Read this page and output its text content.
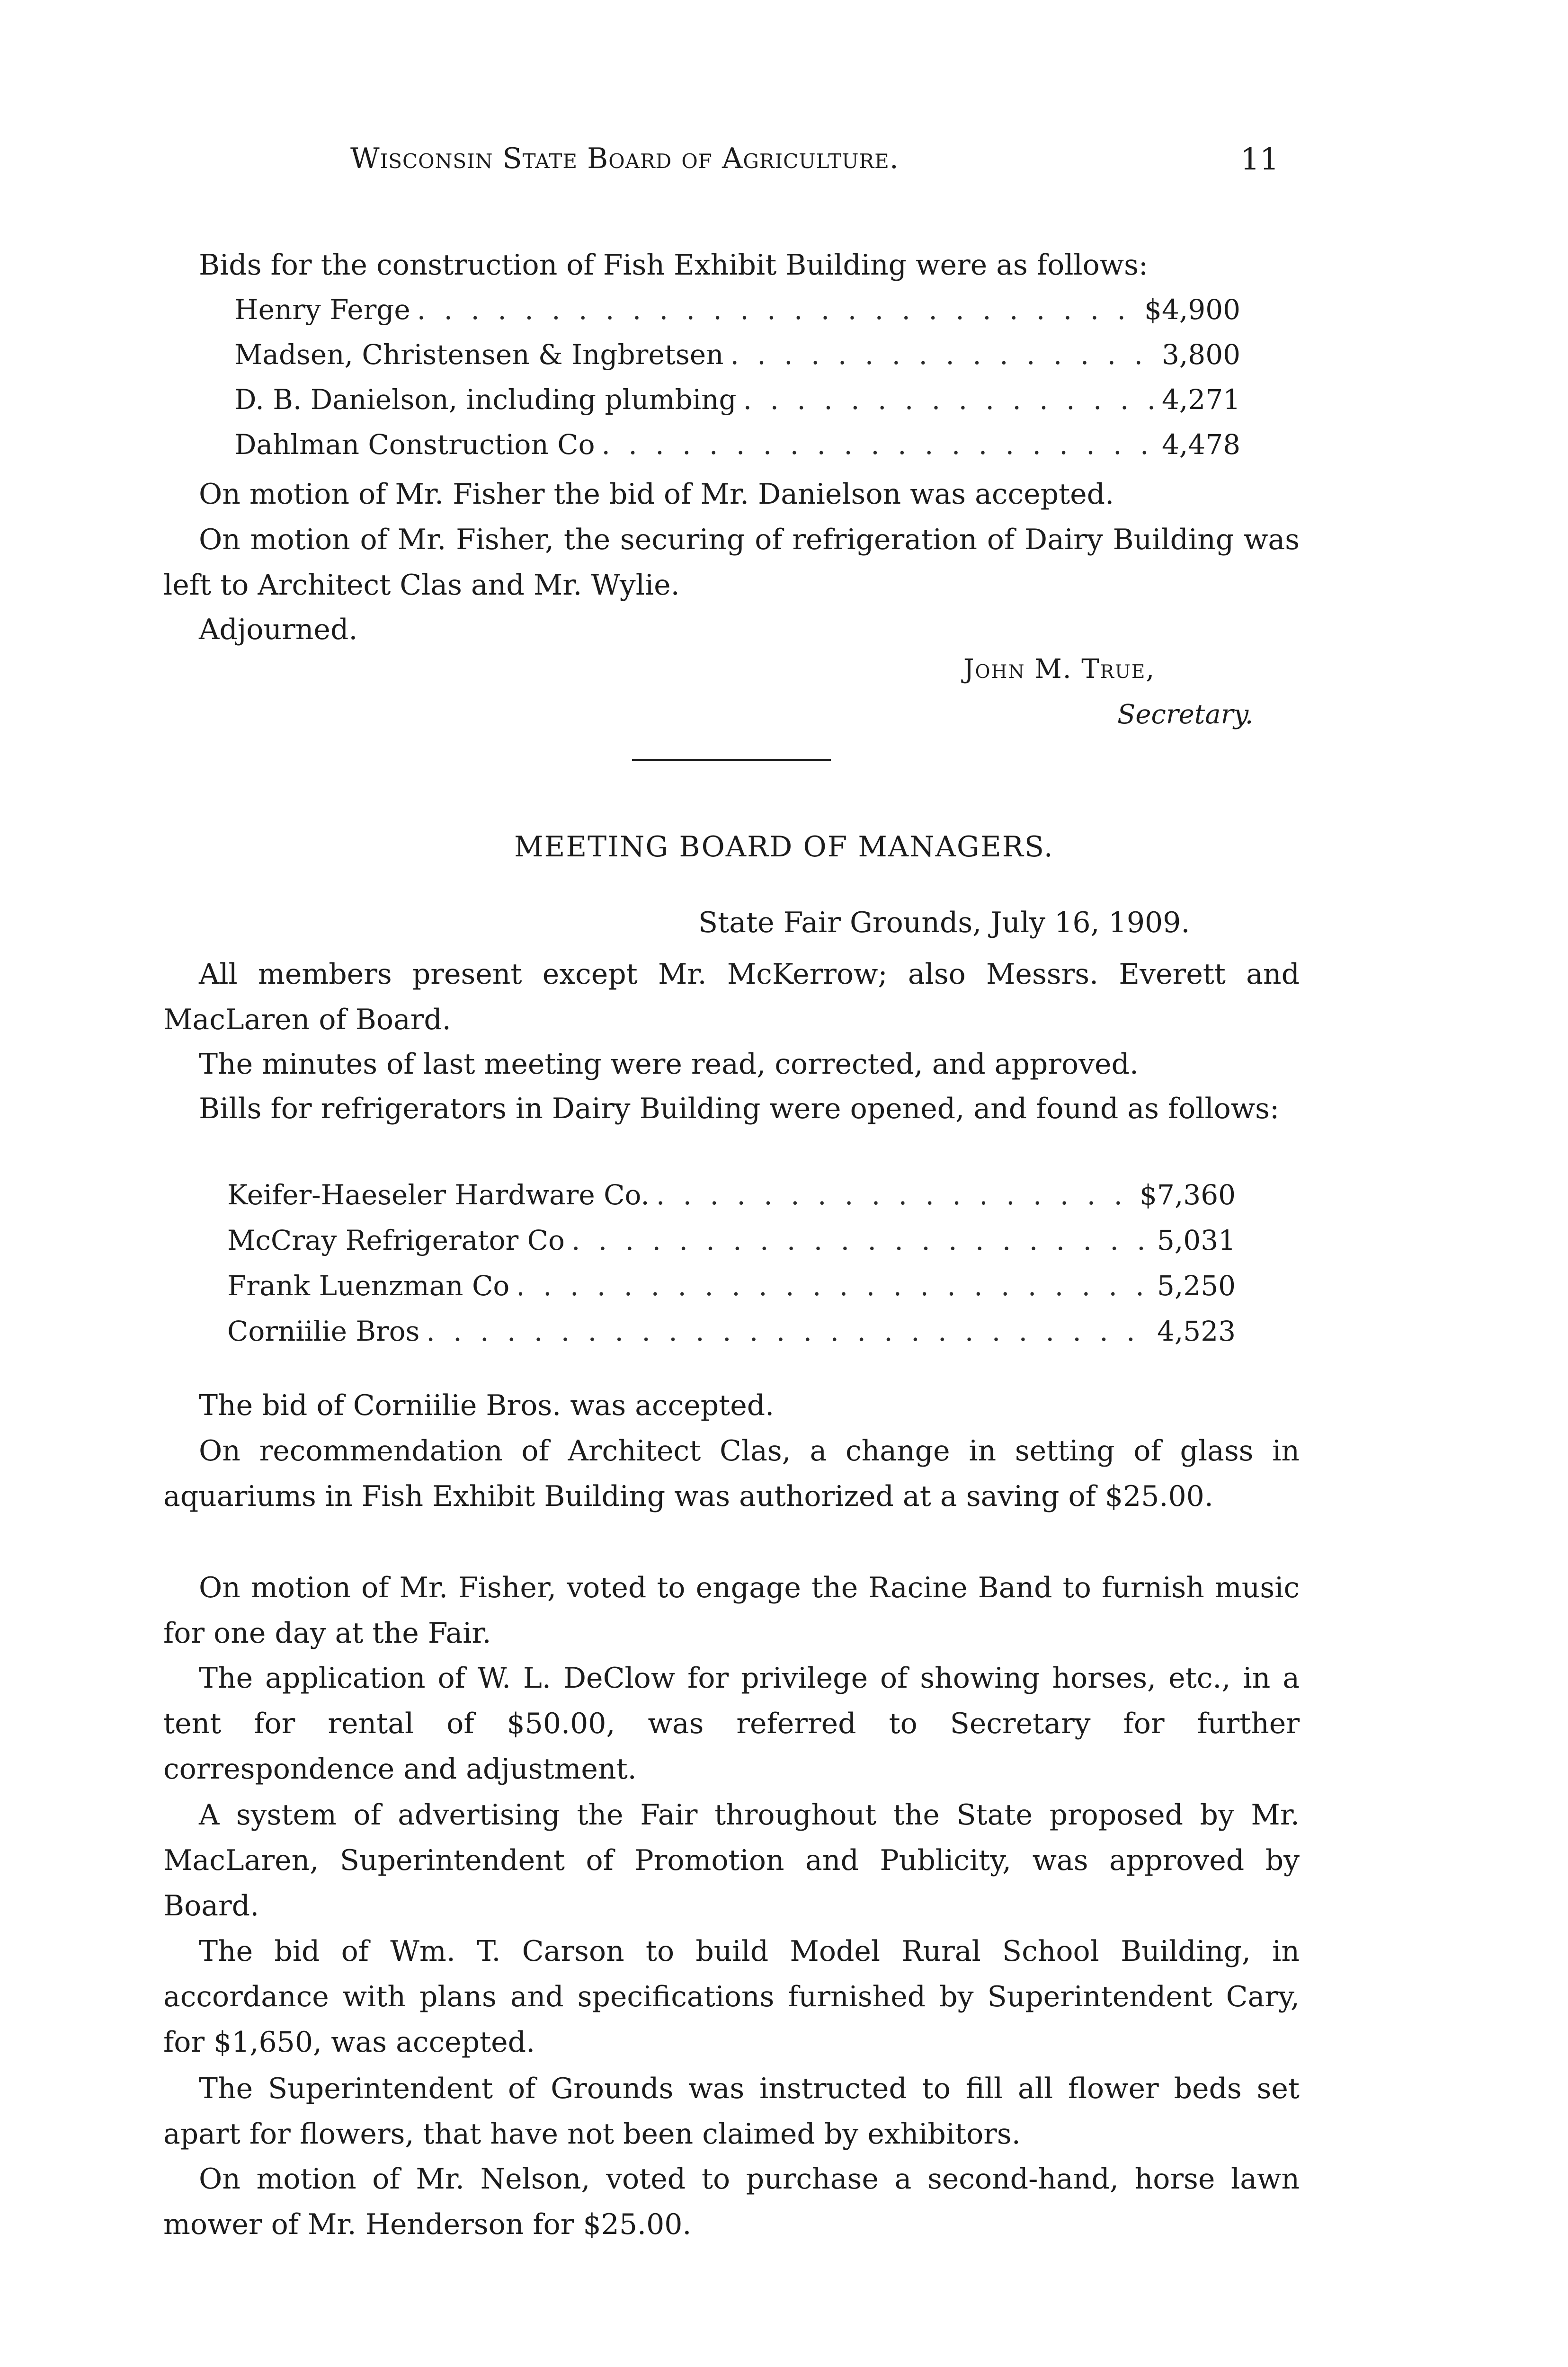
Wisconsin State Board of Agriculture.	11
Bids for the construction of Fish Exhibit Building were as follows:
Henry Ferge . . .	$4,900
Madsen, Christensen & Ingbretsen . . .	3,800
D. B. Danielson, including plumbing . . .	4,271
Dahlman Construction Co . . .	4,478
On motion of Mr. Fisher the bid of Mr. Danielson was accepted.
On motion of Mr. Fisher, the securing of refrigeration of Dairy Building was left to Architect Clas and Mr. Wylie.
Adjourned.
John M. True,
Secretary.
MEETING BOARD OF MANAGERS.
State Fair Grounds, July 16, 1909.
All members present except Mr. McKerrow; also Messrs. Everett and MacLaren of Board.
The minutes of last meeting were read, corrected, and approved.
Bills for refrigerators in Dairy Building were opened, and found as follows:
Keifer-Haeseler Hardware Co. . . .	$7,360
McCray Refrigerator Co . . .	5,031
Frank Luenzman Co . . .	5,250
Corniilie Bros . . .	4,523
The bid of Corniilie Bros. was accepted.
On recommendation of Architect Clas, a change in setting of glass in aquariums in Fish Exhibit Building was authorized at a saving of $25.00.
On motion of Mr. Fisher, voted to engage the Racine Band to furnish music for one day at the Fair.
The application of W. L. DeClow for privilege of showing horses, etc., in a tent for rental of $50.00, was referred to Secretary for further correspondence and adjustment.
A system of advertising the Fair throughout the State proposed by Mr. MacLaren, Superintendent of Promotion and Publicity, was approved by Board.
The bid of Wm. T. Carson to build Model Rural School Building, in accordance with plans and specifications furnished by Superintendent Cary, for $1,650, was accepted.
The Superintendent of Grounds was instructed to fill all flower beds set apart for flowers, that have not been claimed by exhibitors.
On motion of Mr. Nelson, voted to purchase a second-hand, horse lawn mower of Mr. Henderson for $25.00.
